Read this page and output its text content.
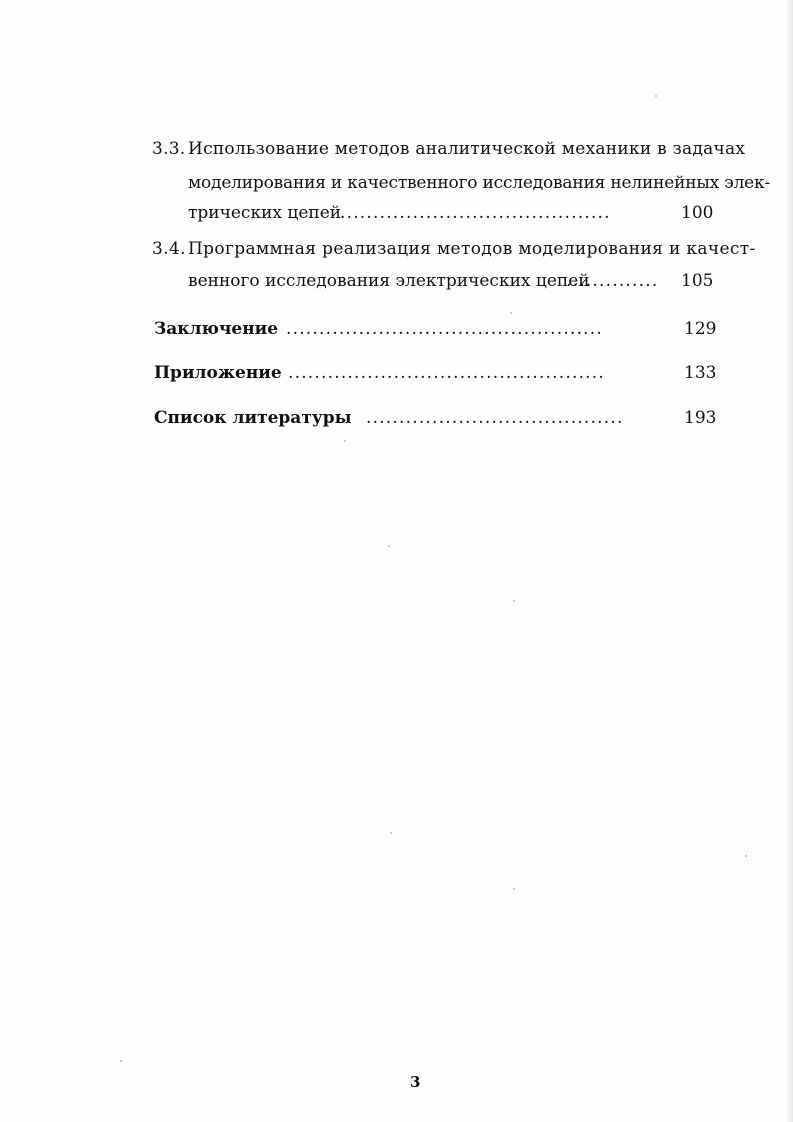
3.3. Использование методов аналитической механики в задачах
моделирования и качественного исследования нелинейных элек-
трических цепей
.........................................	100
3.4. Программная реализация методов моделирования и качест-
венного исследования электрических цепей
..............	105
Заключение ................................................	129
Приложение ................................................	133
Список литературы .......................................	193
3
